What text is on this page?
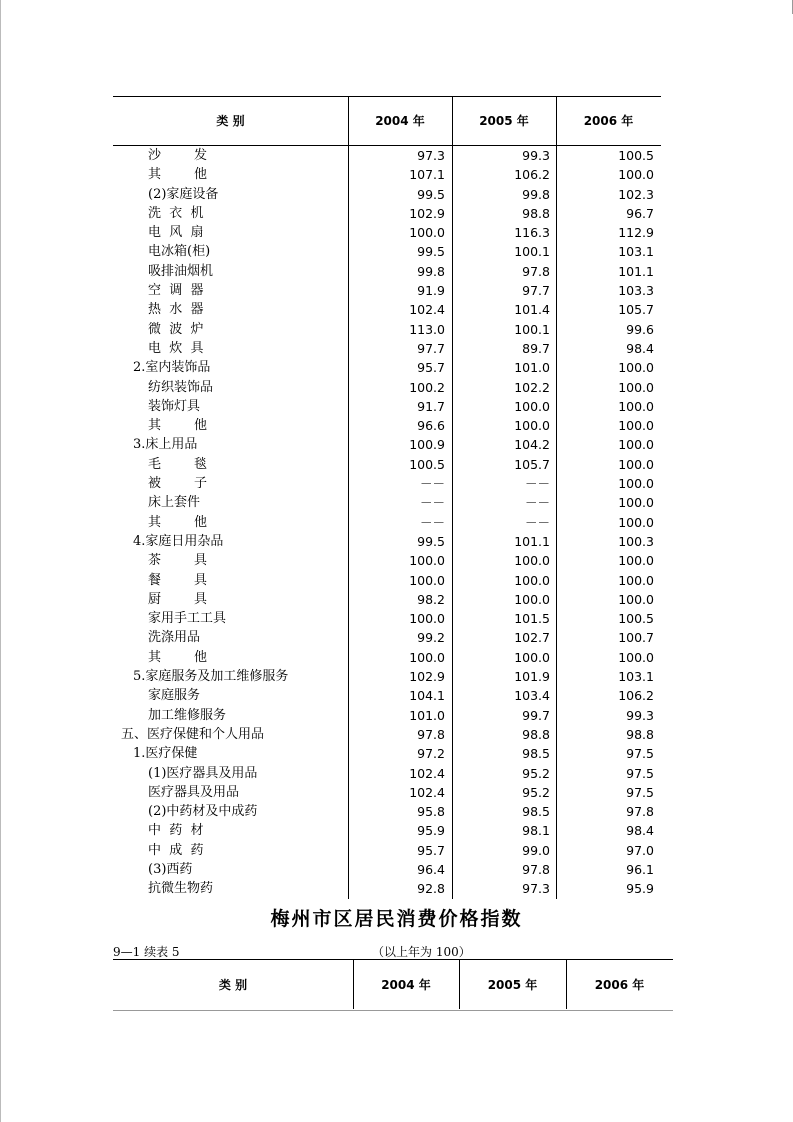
类 别	2004 年	2005 年	2006 年
沙        发	97.3	99.3	100.5
其        他	107.1	106.2	100.0
(2)家庭设备	99.5	99.8	102.3
洗  衣  机	102.9	98.8	96.7
电  风  扇	100.0	116.3	112.9
电冰箱(柜)	99.5	100.1	103.1
吸排油烟机	99.8	97.8	101.1
空  调  器	91.9	97.7	103.3
热  水  器	102.4	101.4	105.7
微  波  炉	113.0	100.1	99.6
电  炊  具	97.7	89.7	98.4
2.室内装饰品	95.7	101.0	100.0
纺织装饰品	100.2	102.2	100.0
装饰灯具	91.7	100.0	100.0
其        他	96.6	100.0	100.0
3.床上用品	100.9	104.2	100.0
毛        毯	100.5	105.7	100.0
被        子	－－	－－	100.0
床上套件	－－	－－	100.0
其        他	－－	－－	100.0
4.家庭日用杂品	99.5	101.1	100.3
茶        具	100.0	100.0	100.0
餐        具	100.0	100.0	100.0
厨        具	98.2	100.0	100.0
家用手工工具	100.0	101.5	100.5
洗涤用品	99.2	102.7	100.7
其        他	100.0	100.0	100.0
5.家庭服务及加工维修服务	102.9	101.9	103.1
家庭服务	104.1	103.4	106.2
加工维修服务	101.0	99.7	99.3
五、医疗保健和个人用品	97.8	98.8	98.8
1.医疗保健	97.2	98.5	97.5
(1)医疗器具及用品	102.4	95.2	97.5
医疗器具及用品	102.4	95.2	97.5
(2)中药材及中成药	95.8	98.5	97.8
中  药  材	95.9	98.1	98.4
中  成  药	95.7	99.0	97.0
(3)西药	96.4	97.8	96.1
抗微生物药	92.8	97.3	95.9
梅州市区居民消费价格指数
9—1 续表 5	（以上年为 100）
类 别	2004 年	2005 年	2006 年
